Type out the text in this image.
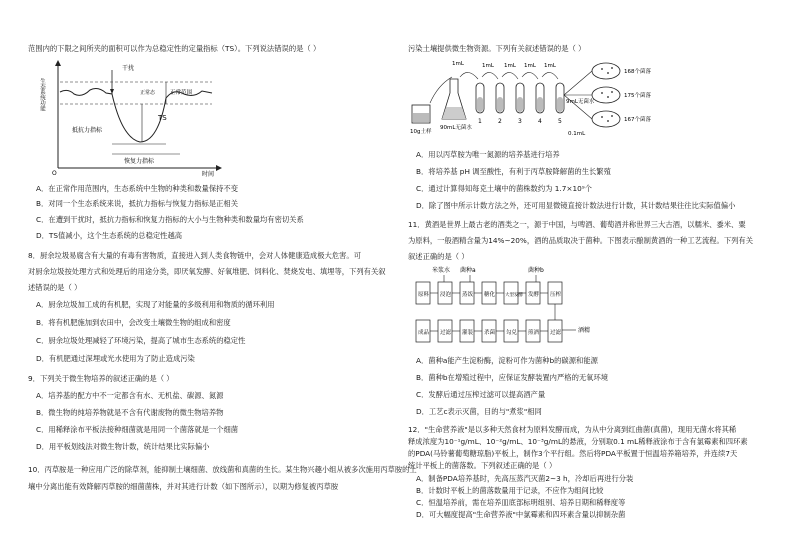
范围内的下限之间所夹的面积可以作为总稳定性的定量指标（TS）。下列说法错误的是（ ）
O	时间
生态系统功能
干扰
正常态	正常范围
TS
抵抗力指标
恢复力指标
A．在正常作用范围内，生态系统中生物的种类和数量保持不变
B．对同一个生态系统来说，抵抗力指标与恢复力指标是正相关
C．在遭到干扰时，抵抗力指标和恢复力指标的大小与生物种类和数量均有密切关系
D．TS值减小，这个生态系统的总稳定性越高
8．厨余垃圾易腐含有大量的有毒有害物质，直接进入到人类食物链中，会对人体健康造成极大危害。可
对厨余垃圾按处理方式和处理后的用途分类，即厌氧发酵、好氧堆肥、饲料化、焚烧发电、填埋等，下列有关叙
述错误的是（ ）
A．厨余垃圾加工成的有机肥，实现了对能量的多级利用和物质的循环利用
B．将有机肥施加到农田中，会改变土壤微生物的组成和密度
C．厨余垃圾处理减轻了环境污染，提高了城市生态系统的稳定性
D．有机肥通过深埋或光水使用为了防止造成污染
9．下列关于微生物培养的叙述正确的是（ ）
A．培养基的配方中不一定都含有水、无机盐、碳源、氮源
B．微生物的纯培养物就是不含有代谢废物的微生物培养物
C．用稀释涂布平板法接种细菌就是用同一个菌落就是一个细菌
D．用平板划线法对微生物计数，统计结果比实际偏小
10．丙草胺是一种应用广泛的除草剂，能抑制土壤细菌、放线菌和真菌的生长。某生物兴趣小组从被多次施用丙草胺的土
壤中分离出能有效降解丙草胺的细菌菌株，并对其进行计数（如下图所示），以期为修复被丙草胺
污染土壤提供微生物资源。下列有关叙述错误的是（ ）
10g土样
90mL无菌水
1mL
1	2	3	4	5
1mL 1mL 1mL 1mL
9mL无菌水
0.1mL
168个菌落
175个菌落
167个菌落
A．用以丙草胺为唯一氮源的培养基进行培养
B．将培养基 pH 调至酸性，有利于丙草胺降解菌的生长繁殖
C．通过计算得知每克土壤中的菌株数约为 1.7×10⁹个
D．除了图中所示计数方法之外，还可用显微镜直接计数法进行计数，其计数结果往往比实际值偏小
11．黄酒是世界上最古老的酒类之一，源于中国，与啤酒、葡萄酒并称世界三大古酒，以糯米、黍米、粟
为原料，一般酒精含量为14%~20%，酒的品质取决于菌种。下图表示酿制黄酒的一种工艺流程。下列有关
叙述正确的是（ ）
米浆水 菌种a	菌种b
原料 浸泡 蒸饭 糖化 大型发酵 发酵 压榨
酒精
成品 过滤 灌装 杀菌 勾兑 煎酒 过滤
A．菌种a能产生淀粉酶，淀粉可作为菌种b的碳源和能源
B．菌种b在增殖过程中，应保证发酵装置内严格的无氧环境
C．发酵后通过压榨过滤可以提高酒产量
D．工艺c表示灭菌，目的与"煮浆"相同
12．"生命营养液"是以多种天然食材为原料发酵而成，为从中分离到红曲菌(真菌)，现用无菌水将其稀
释成浓度为10⁻¹g/mL、10⁻²g/mL、10⁻³g/mL的悬液，分别取0.1 mL稀释液涂布于含有氯霉素和四环素
的PDA(马铃薯葡萄糖琼脂)平板上，制作3个平行组。然后将PDA平板置于恒温培养箱培养，并连续7天
统计平板上的菌落数。下列叙述正确的是（ ）
A．制备PDA培养基时，先高压蒸汽灭菌2~3 h，冷却后再进行分装
B．计数时平板上的菌落数量用于记录，不应作为组间比较
C．恒温培养前，需在培养皿底部标明组别、培养日期和稀释度等
D．可大幅度提高"生命营养液"中氯霉素和四环素含量以抑制杂菌
